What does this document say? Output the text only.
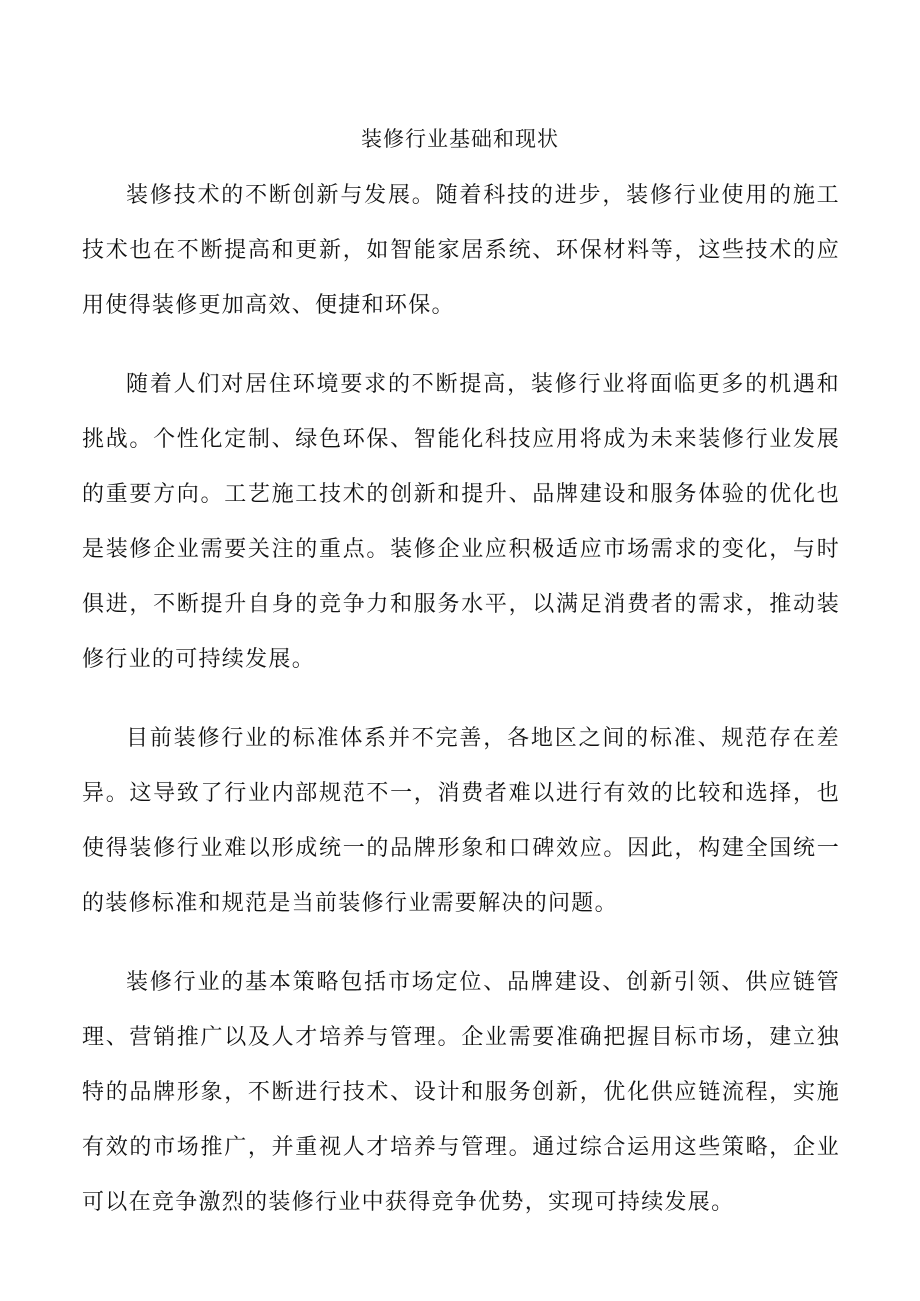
装修行业基础和现状

装修技术的不断创新与发展。随着科技的进步，装修行业使用的施工技术也在不断提高和更新，如智能家居系统、环保材料等，这些技术的应用使得装修更加高效、便捷和环保。

随着人们对居住环境要求的不断提高，装修行业将面临更多的机遇和挑战。个性化定制、绿色环保、智能化科技应用将成为未来装修行业发展的重要方向。工艺施工技术的创新和提升、品牌建设和服务体验的优化也是装修企业需要关注的重点。装修企业应积极适应市场需求的变化，与时俱进，不断提升自身的竞争力和服务水平，以满足消费者的需求，推动装修行业的可持续发展。

目前装修行业的标准体系并不完善，各地区之间的标准、规范存在差异。这导致了行业内部规范不一，消费者难以进行有效的比较和选择，也使得装修行业难以形成统一的品牌形象和口碑效应。因此，构建全国统一的装修标准和规范是当前装修行业需要解决的问题。

装修行业的基本策略包括市场定位、品牌建设、创新引领、供应链管理、营销推广以及人才培养与管理。企业需要准确把握目标市场，建立独特的品牌形象，不断进行技术、设计和服务创新，优化供应链流程，实施有效的市场推广，并重视人才培养与管理。通过综合运用这些策略，企业可以在竞争激烈的装修行业中获得竞争优势，实现可持续发展。
